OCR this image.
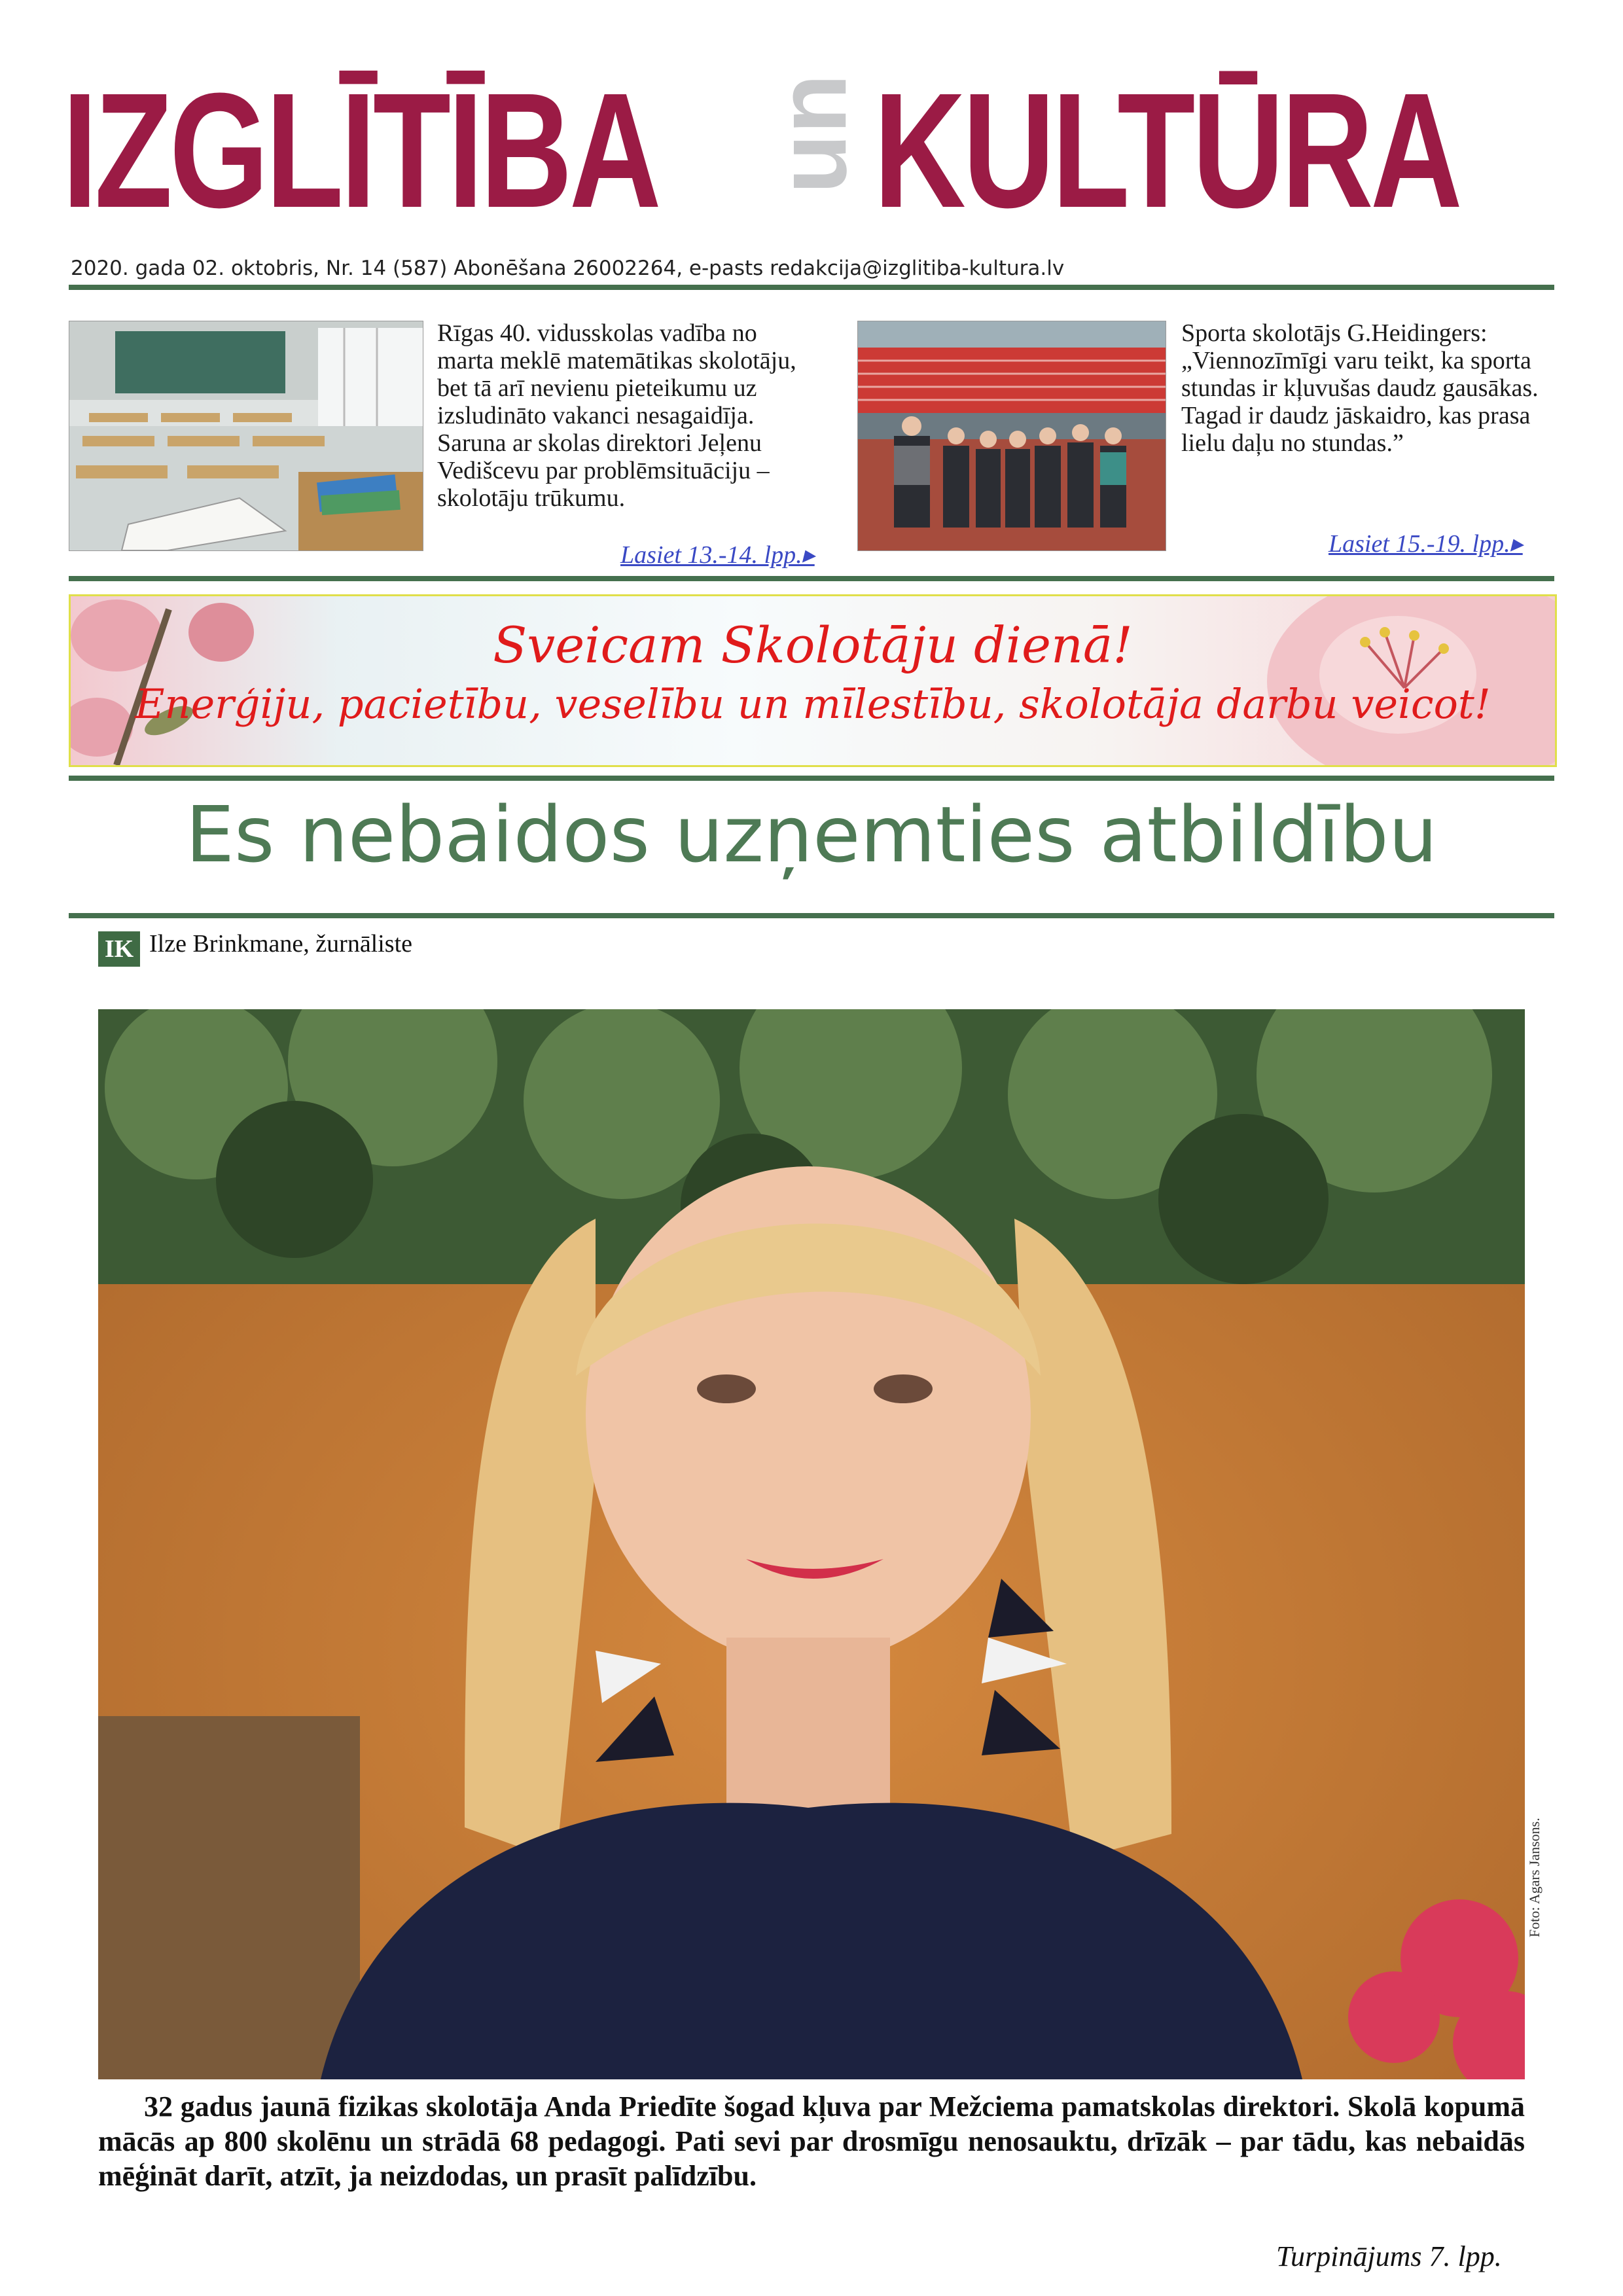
IZGLĪTĪBA un
KULTŪRA
2020. gada 02. oktobris, Nr. 14 (587) Abonēšana 26002264, e-pasts redakcija@izglitiba-kultura.lv
Rīgas 40. vidusskolas vadība no marta meklē matemātikas skolotāju, bet tā arī nevienu pieteikumu uz izsludināto vakanci nesagaidīja. Saruna ar skolas direktori Jeļenu Vedišcevu par problēmsituāciju – skolotāju trūkumu.
Lasiet 13.-14. lpp.▸
Sporta skolotājs G.Heidingers: „Viennozīmīgi varu teikt, ka sporta stundas ir kļuvušas daudz gausākas. Tagad ir daudz jāskaidro, kas prasa lielu daļu no stundas.”
Lasiet 15.-19. lpp.▸
Sveicam Skolotāju dienā!
Enerģiju, pacietību, veselību un mīlestību, skolotāja darbu veicot!
Es nebaidos uzņemties atbildību
IK Ilze Brinkmane, žurnāliste
Foto: Agars Jansons.
32 gadus jaunā fizikas skolotāja Anda Priedīte šogad kļuva par Mežciema pamatskolas direktori. Skolā kopumā mācās ap 800 skolēnu un strādā 68 pedagogi. Pati sevi par drosmīgu nenosauktu, drīzāk – par tādu, kas nebaidās mēģināt darīt, atzīt, ja neizdodas, un prasīt palīdzību.
Turpinājums 7. lpp.
